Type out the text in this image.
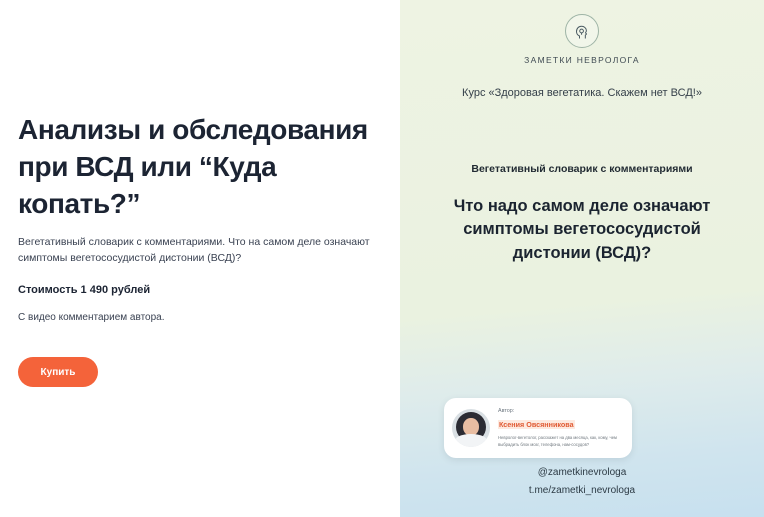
Анализы и обследования при ВСД или “Куда копать?”

Вегетативный словарик с комментариями. Что на самом деле означают симптомы вегетососудистой дистонии (ВСД)?

Стоимость 1 490 рублей

С видео комментарием автора.

Купить
ЗАМЕТКИ НЕВРОЛОГА
Курс «Здоровая вегетатика. Скажем нет ВСД!»
Вегетативный словарик с комментариями
Что надо самом деле означают симптомы вегетососудистой дистонии (ВСД)?
Автор:
Ксения Овсянникова
Невролог-вегетолог, расскажет на два месяца, как, кому, чем выбрадить блок мозг, телефона, нам-сосудов?
@zametkinevrologa
t.me/zametki_nevrologa
